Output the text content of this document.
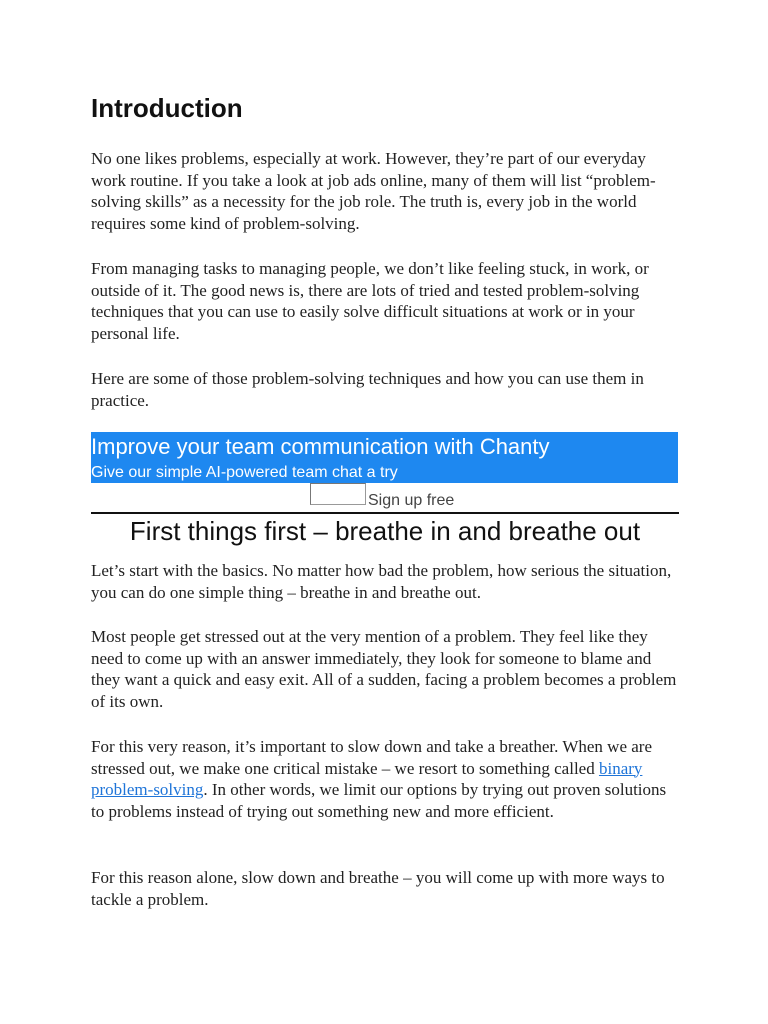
Introduction

No one likes problems, especially at work. However, they’re part of our everyday work routine. If you take a look at job ads online, many of them will list “problem-solving skills” as a necessity for the job role. The truth is, every job in the world requires some kind of problem-solving.

From managing tasks to managing people, we don’t like feeling stuck, in work, or outside of it. The good news is, there are lots of tried and tested problem-solving techniques that you can use to easily solve difficult situations at work or in your personal life.

Here are some of those problem-solving techniques and how you can use them in practice.

Improve your team communication with Chanty
Give our simple AI-powered team chat a try
Sign up free
First things first – breathe in and breathe out

Let’s start with the basics. No matter how bad the problem, how serious the situation, you can do one simple thing – breathe in and breathe out.

Most people get stressed out at the very mention of a problem. They feel like they need to come up with an answer immediately, they look for someone to blame and they want a quick and easy exit. All of a sudden, facing a problem becomes a problem of its own.

For this very reason, it’s important to slow down and take a breather. When we are stressed out, we make one critical mistake – we resort to something called binary problem-solving. In other words, we limit our options by trying out proven solutions to problems instead of trying out something new and more efficient.

For this reason alone, slow down and breathe – you will come up with more ways to tackle a problem.
